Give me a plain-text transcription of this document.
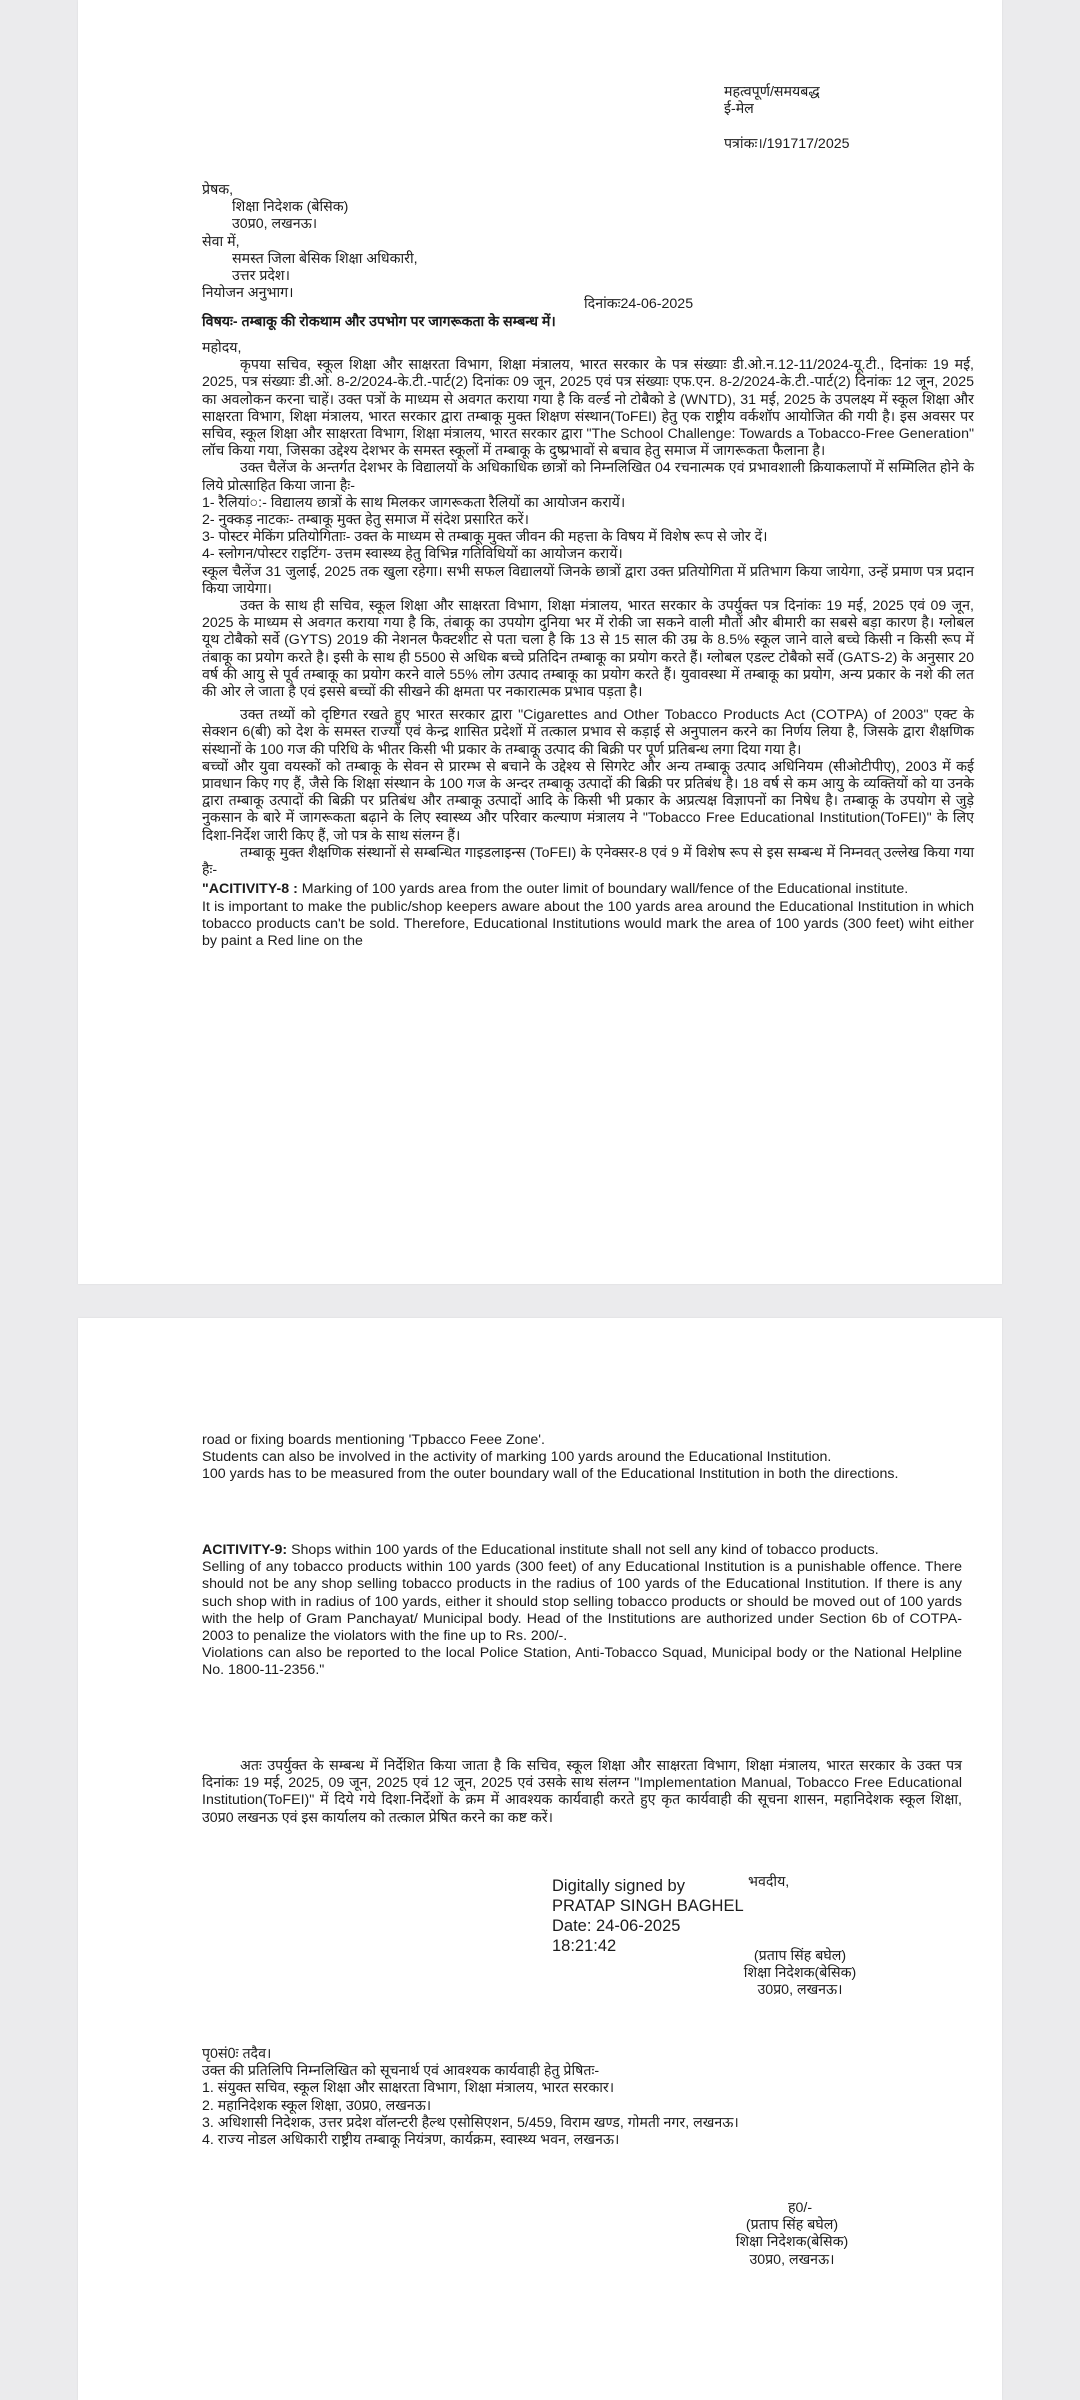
महत्वपूर्ण/समयबद्ध
ई-मेल
पत्रांकः।/191717/2025
प्रेषक,
शिक्षा निदेशक (बेसिक)
उ0प्र0, लखनऊ।
सेवा में,
समस्त जिला बेसिक शिक्षा अधिकारी,
उत्तर प्रदेश।
नियोजन अनुभाग।
दिनांकः24-06-2025
विषयः- तम्बाकू की रोकथाम और उपभोग पर जागरूकता के सम्बन्ध में।
महोदय,
कृपया सचिव, स्कूल शिक्षा और साक्षरता विभाग, शिक्षा मंत्रालय, भारत सरकार के पत्र संख्याः डी.ओ.न.12-11/2024-यू.टी., दिनांकः 19 मई, 2025, पत्र संख्याः डी.ओ. 8-2/2024-के.टी.-पार्ट(2) दिनांकः 09 जून, 2025 एवं पत्र संख्याः एफ.एन. 8-2/2024-के.टी.-पार्ट(2) दिनांकः 12 जून, 2025 का अवलोकन करना चाहें। उक्त पत्रों के माध्यम से अवगत कराया गया है कि वर्ल्ड नो टोबैको डे (WNTD), 31 मई, 2025 के उपलक्ष्य में स्कूल शिक्षा और साक्षरता विभाग, शिक्षा मंत्रालय, भारत सरकार द्वारा तम्बाकू मुक्त शिक्षण संस्थान(ToFEI) हेतु एक राष्ट्रीय वर्कशॉप आयोजित की गयी है। इस अवसर पर सचिव, स्कूल शिक्षा और साक्षरता विभाग, शिक्षा मंत्रालय, भारत सरकार द्वारा "The School Challenge: Towards a Tobacco-Free Generation" लॉच किया गया, जिसका उद्देश्य देशभर के समस्त स्कूलों में तम्बाकू के दुष्प्रभावों से बचाव हेतु समाज में जागरूकता फैलाना है।
उक्त चैलेंज के अन्तर्गत देशभर के विद्यालयों के अधिकाधिक छात्रों को निम्नलिखित 04 रचनात्मक एवं प्रभावशाली क्रियाकलापों में सम्मिलित होने के लिये प्रोत्साहित किया जाना हैः-
1- रैलियां○:- विद्यालय छात्रों के साथ मिलकर जागरूकता रैलियों का आयोजन करायें।
2- नुक्कड़ नाटकः- तम्बाकू मुक्त हेतु समाज में संदेश प्रसारित करें।
3- पोस्टर मेकिंग प्रतियोगिताः- उक्त के माध्यम से तम्बाकू मुक्त जीवन की महत्ता के विषय में विशेष रूप से जोर दें।
4- स्लोगन/पोस्टर राइटिंग- उत्तम स्वास्थ्य हेतु विभिन्न गतिविधियों का आयोजन करायें।
स्कूल चैलेंज 31 जुलाई, 2025 तक खुला रहेगा। सभी सफल विद्यालयों जिनके छात्रों द्वारा उक्त प्रतियोगिता में प्रतिभाग किया जायेगा, उन्हें प्रमाण पत्र प्रदान किया जायेगा।
उक्त के साथ ही सचिव, स्कूल शिक्षा और साक्षरता विभाग, शिक्षा मंत्रालय, भारत सरकार के उपर्युक्त पत्र दिनांकः 19 मई, 2025 एवं 09 जून, 2025 के माध्यम से अवगत कराया गया है कि, तंबाकू का उपयोग दुनिया भर में रोकी जा सकने वाली मौतों और बीमारी का सबसे बड़ा कारण है। ग्लोबल यूथ टोबैको सर्वे (GYTS) 2019 की नेशनल फैक्टशीट से पता चला है कि 13 से 15 साल की उम्र के 8.5% स्कूल जाने वाले बच्चे किसी न किसी रूप में तंबाकू का प्रयोग करते है। इसी के साथ ही 5500 से अधिक बच्चे प्रतिदिन तम्बाकू का प्रयोग करते हैं। ग्लोबल एडल्ट टोबैको सर्वे (GATS-2) के अनुसार 20 वर्ष की आयु से पूर्व तम्बाकू का प्रयोग करने वाले 55% लोग उत्पाद तम्बाकू का प्रयोग करते हैं। युवावस्था में तम्बाकू का प्रयोग, अन्य प्रकार के नशे की लत की ओर ले जाता है एवं इससे बच्चों की सीखने की क्षमता पर नकारात्मक प्रभाव पड़ता है।
उक्त तथ्यों को दृष्टिगत रखते हुए भारत सरकार द्वारा "Cigarettes and Other Tobacco Products Act (COTPA) of 2003" एक्ट के सेक्शन 6(बी) को देश के समस्त राज्यों एवं केन्द्र शासित प्रदेशों में तत्काल प्रभाव से कड़ाई से अनुपालन करने का निर्णय लिया है, जिसके द्वारा शैक्षणिक संस्थानों के 100 गज की परिधि के भीतर किसी भी प्रकार के तम्बाकू उत्पाद की बिक्री पर पूर्ण प्रतिबन्ध लगा दिया गया है।
बच्चों और युवा वयस्कों को तम्बाकू के सेवन से प्रारम्भ से बचाने के उद्देश्य से सिगरेट और अन्य तम्बाकू उत्पाद अधिनियम (सीओटीपीए), 2003 में कई प्रावधान किए गए हैं, जैसे कि शिक्षा संस्थान के 100 गज के अन्दर तम्बाकू उत्पादों की बिक्री पर प्रतिबंध है। 18 वर्ष से कम आयु के व्यक्तियों को या उनके द्वारा तम्बाकू उत्पादों की बिक्री पर प्रतिबंध और तम्बाकू उत्पादों आदि के किसी भी प्रकार के अप्रत्यक्ष विज्ञापनों का निषेध है। तम्बाकू के उपयोग से जुड़े नुकसान के बारे में जागरूकता बढ़ाने के लिए स्वास्थ्य और परिवार कल्याण मंत्रालय ने "Tobacco Free Educational Institution(ToFEI)" के लिए दिशा-निर्देश जारी किए हैं, जो पत्र के साथ संलग्न हैं।
तम्बाकू मुक्त शैक्षणिक संस्थानों से सम्बन्धित गाइडलाइन्स (ToFEI) के एनेक्सर-8 एवं 9 में विशेष रूप से इस सम्बन्ध में निम्नवत् उल्लेख किया गया हैः-
"ACITIVITY-8 : Marking of 100 yards area from the outer limit of boundary wall/fence of the Educational institute.
It is important to make the public/shop keepers aware about the 100 yards area around the Educational Institution in which tobacco products can't be sold. Therefore, Educational Institutions would mark the area of 100 yards (300 feet) wiht either by paint a Red line on the
road or fixing boards mentioning 'Tpbacco Feee Zone'.
Students can also be involved in the activity of marking 100 yards around the Educational Institution.
100 yards has to be measured from the outer boundary wall of the Educational Institution in both the directions.
ACITIVITY-9: Shops within 100 yards of the Educational institute shall not sell any kind of tobacco products.
Selling of any tobacco products within 100 yards (300 feet) of any Educational Institution is a punishable offence. There should not be any shop selling tobacco products in the radius of 100 yards of the Educational Institution. If there is any such shop with in radius of 100 yards, either it should stop selling tobacco products or should be moved out of 100 yards with the help of Gram Panchayat/ Municipal body. Head of the Institutions are authorized under Section 6b of COTPA-2003 to penalize the violators with the fine up to Rs. 200/-.
Violations can also be reported to the local Police Station, Anti-Tobacco Squad, Municipal body or the National Helpline No. 1800-11-2356."
अतः उपर्युक्त के सम्बन्ध में निर्देशित किया जाता है कि सचिव, स्कूल शिक्षा और साक्षरता विभाग, शिक्षा मंत्रालय, भारत सरकार के उक्त पत्र दिनांकः 19 मई, 2025, 09 जून, 2025 एवं 12 जून, 2025 एवं उसके साथ संलग्न "Implementation Manual, Tobacco Free Educational Institution(ToFEI)" में दिये गये दिशा-निर्देशों के क्रम में आवश्यक कार्यवाही करते हुए कृत कार्यवाही की सूचना शासन, महानिदेशक स्कूल शिक्षा, उ0प्र0 लखनऊ एवं इस कार्यालय को तत्काल प्रेषित करने का कष्ट करें।
Digitally signed by
PRATAP SINGH BAGHEL
Date: 24-06-2025
18:21:42
भवदीय,
(प्रताप सिंह बघेल)
शिक्षा निदेशक(बेसिक)
उ0प्र0, लखनऊ।
पृ0सं0ः तदैव।
उक्त की प्रतिलिपि निम्नलिखित को सूचनार्थ एवं आवश्यक कार्यवाही हेतु प्रेषितः-
1. संयुक्त सचिव, स्कूल शिक्षा और साक्षरता विभाग, शिक्षा मंत्रालय, भारत सरकार।
2. महानिदेशक स्कूल शिक्षा, उ0प्र0, लखनऊ।
3. अधिशासी निदेशक, उत्तर प्रदेश वॉलन्टरी हैल्थ एसोसिएशन, 5/459, विराम खण्ड, गोमती नगर, लखनऊ।
4. राज्य नोडल अधिकारी राष्ट्रीय तम्बाकू नियंत्रण, कार्यक्रम, स्वास्थ्य भवन, लखनऊ।
ह0/-
(प्रताप सिंह बघेल)
शिक्षा निदेशक(बेसिक)
उ0प्र0, लखनऊ।
